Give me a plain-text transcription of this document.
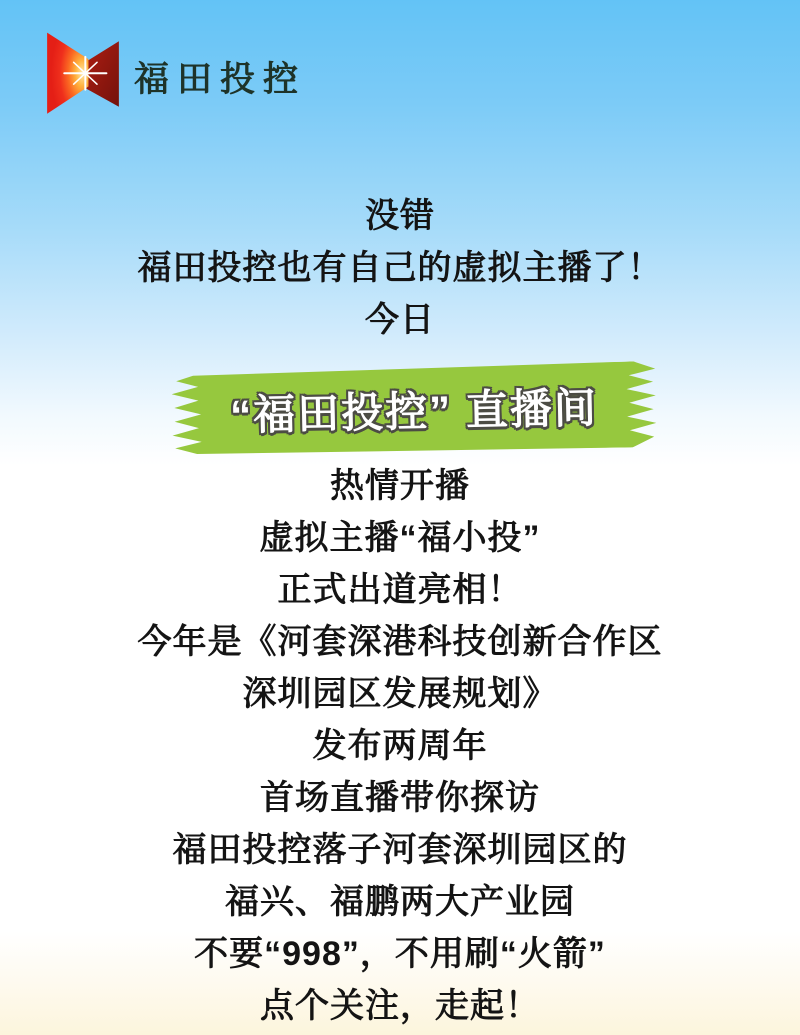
福田投控
没错
福田投控也有自己的虚拟主播了！
今日
“福田投控” 直播间
热情开播
虚拟主播“福小投”
正式出道亮相！
今年是《河套深港科技创新合作区
深圳园区发展规划》
发布两周年
首场直播带你探访
福田投控落子河套深圳园区的
福兴、福鹏两大产业园
不要“998”，不用刷“火箭”
点个关注，走起！
